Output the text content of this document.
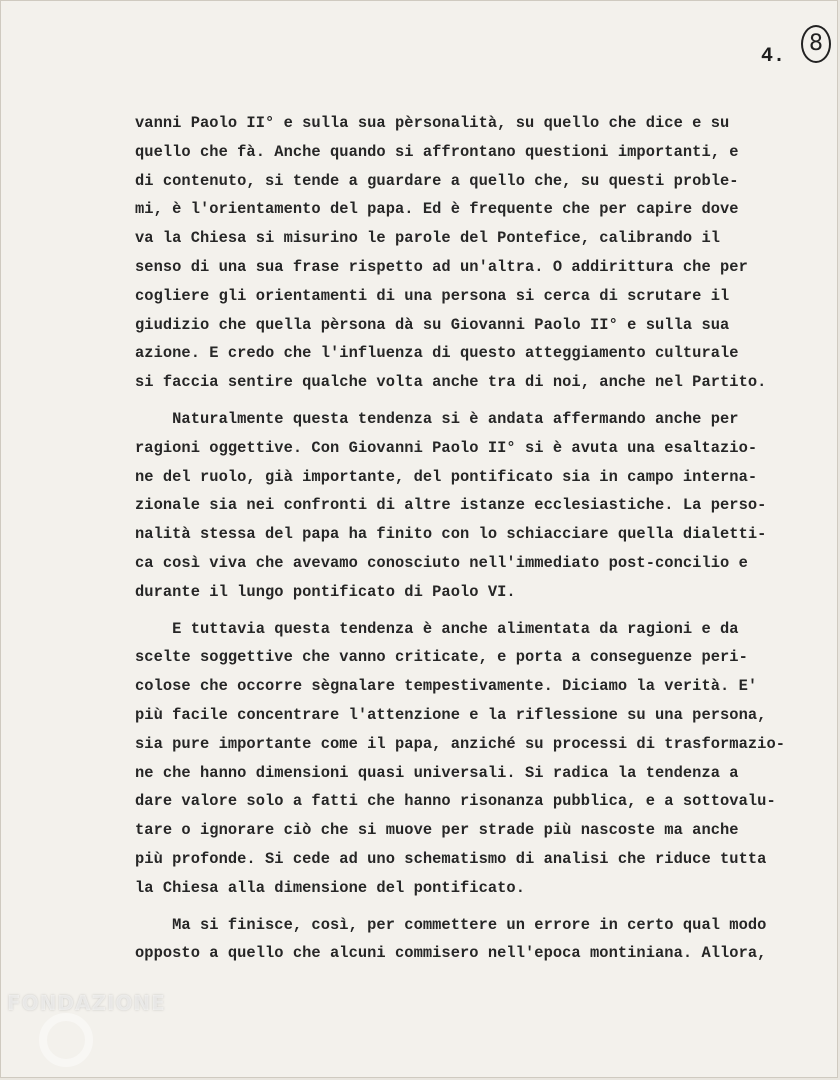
4.
8
vanni Paolo II° e sulla sua pèrsonalità, su quello che dice e su
quello che fà. Anche quando si affrontano questioni importanti, e
di contenuto, si tende a guardare a quello che, su questi proble-
mi, è l'orientamento del papa. Ed è frequente che per capire dove
va la Chiesa si misurino le parole del Pontefice, calibrando il
senso di una sua frase rispetto ad un'altra. O addirittura che per
cogliere gli orientamenti di una persona si cerca di scrutare il
giudizio che quella pèrsona dà su Giovanni Paolo II° e sulla sua
azione. E credo che l'influenza di questo atteggiamento culturale
si faccia sentire qualche volta anche tra di noi, anche nel Partito.
Naturalmente questa tendenza si è andata affermando anche per
ragioni oggettive. Con Giovanni Paolo II° si è avuta una esaltazio-
ne del ruolo, già importante, del pontificato sia in campo interna-
zionale sia nei confronti di altre istanze ecclesiastiche. La perso-
nalità stessa del papa ha finito con lo schiacciare quella dialetti-
ca così viva che avevamo conosciuto nell'immediato post-concilio e
durante il lungo pontificato di Paolo VI.
E tuttavia questa tendenza è anche alimentata da ragioni e da
scelte soggettive che vanno criticate, e porta a conseguenze peri-
colose che occorre sègnalare tempestivamente. Diciamo la verità. E'
più facile concentrare l'attenzione e la riflessione su una persona,
sia pure importante come il papa, anziché su processi di trasformazio-
ne che hanno dimensioni quasi universali. Si radica la tendenza a
dare valore solo a fatti che hanno risonanza pubblica, e a sottovalu-
tare o ignorare ciò che si muove per strade più nascoste ma anche
più profonde. Si cede ad uno schematismo di analisi che riduce tutta
la Chiesa alla dimensione del pontificato.
Ma si finisce, così, per commettere un errore in certo qual modo
opposto a quello che alcuni commisero nell'epoca montiniana. Allora,
FONDAZIONE
